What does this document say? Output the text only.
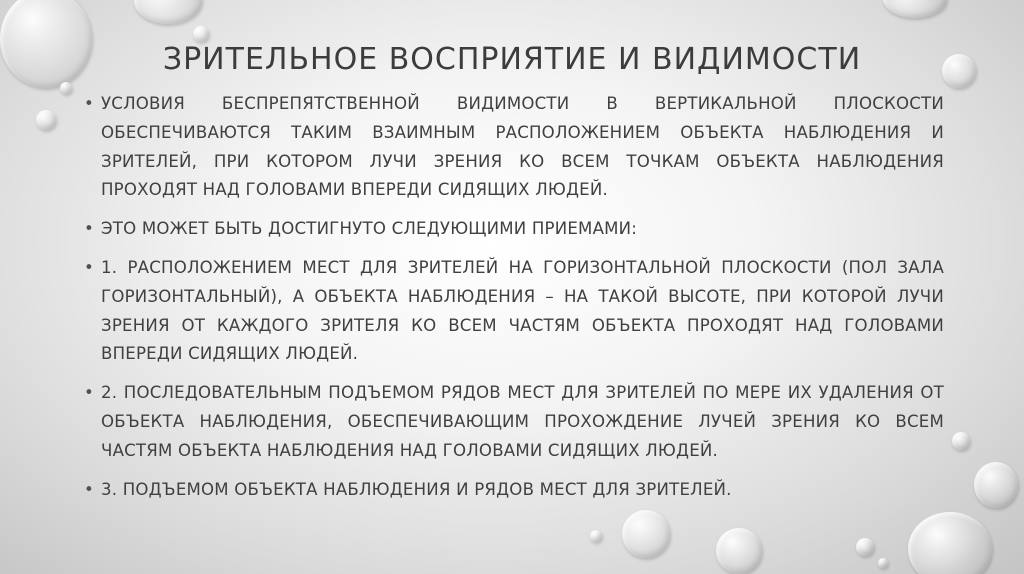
ЗРИТЕЛЬНОЕ ВОСПРИЯТИЕ И ВИДИМОСТИ
• УСЛОВИЯ БЕСПРЕПЯТСТВЕННОЙ ВИДИМОСТИ В ВЕРТИКАЛЬНОЙ ПЛОСКОСТИ ОБЕСПЕЧИВАЮТСЯ ТАКИМ ВЗАИМНЫМ РАСПОЛОЖЕНИЕМ ОБЪЕКТА НАБЛЮДЕНИЯ И ЗРИТЕЛЕЙ, ПРИ КОТОРОМ ЛУЧИ ЗРЕНИЯ КО ВСЕМ ТОЧКАМ ОБЪЕКТА НАБЛЮДЕНИЯ ПРОХОДЯТ НАД ГОЛОВАМИ ВПЕРЕДИ СИДЯЩИХ ЛЮДЕЙ.
• ЭТО МОЖЕТ БЫТЬ ДОСТИГНУТО СЛЕДУЮЩИМИ ПРИЕМАМИ:
• 1. РАСПОЛОЖЕНИЕМ МЕСТ ДЛЯ ЗРИТЕЛЕЙ НА ГОРИЗОНТАЛЬНОЙ ПЛОСКОСТИ (ПОЛ ЗАЛА ГОРИЗОНТАЛЬНЫЙ), А ОБЪЕКТА НАБЛЮДЕНИЯ – НА ТАКОЙ ВЫСОТЕ, ПРИ КОТОРОЙ ЛУЧИ ЗРЕНИЯ ОТ КАЖДОГО ЗРИТЕЛЯ КО ВСЕМ ЧАСТЯМ ОБЪЕКТА ПРОХОДЯТ НАД ГОЛОВАМИ ВПЕРЕДИ СИДЯЩИХ ЛЮДЕЙ.
• 2. ПОСЛЕДОВАТЕЛЬНЫМ ПОДЪЕМОМ РЯДОВ МЕСТ ДЛЯ ЗРИТЕЛЕЙ ПО МЕРЕ ИХ УДАЛЕНИЯ ОТ ОБЪЕКТА НАБЛЮДЕНИЯ, ОБЕСПЕЧИВАЮЩИМ ПРОХОЖДЕНИЕ ЛУЧЕЙ ЗРЕНИЯ КО ВСЕМ ЧАСТЯМ ОБЪЕКТА НАБЛЮДЕНИЯ НАД ГОЛОВАМИ СИДЯЩИХ ЛЮДЕЙ.
• 3. ПОДЪЕМОМ ОБЪЕКТА НАБЛЮДЕНИЯ И РЯДОВ МЕСТ ДЛЯ ЗРИТЕЛЕЙ.
